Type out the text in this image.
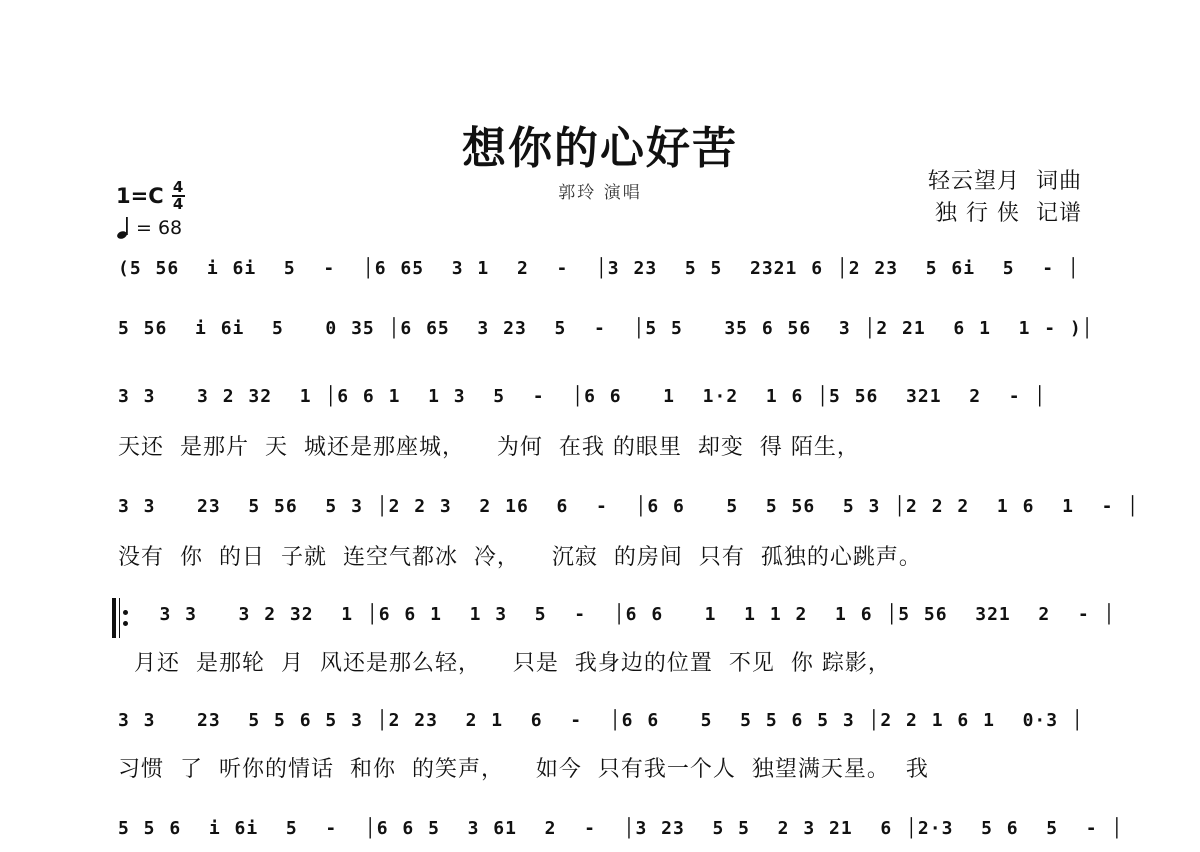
想你的心好苦
郭玲 演唱	轻云望月  词曲
独 行 侠  记谱
1=C 4
4
= 68
(5 56  i 6i  5  -  │6 65  3 1  2  -  │3 23  5 5  2321 6 │2 23  5 6i  5  - │
5 56  i 6i  5   0 35 │6 65  3 23  5  -  │5 5   35 6 56  3 │2 21  6 1  1 - )│
3 3   3 2 32  1 │6 6 1  1 3  5  -  │6 6   1  1·2  1 6 │5 56  321  2  - │
天还  是那片  天  城还是那座城，    为何  在我 的眼里  却变  得 陌生，
3 3   23  5 56  5 3 │2 2 3  2 16  6  -  │6 6   5  5 56  5 3 │2 2 2  1 6  1  - │
没有  你  的日  子就  连空气都冰  冷，    沉寂  的房间  只有  孤独的心跳声。
3 3   3 2 32  1 │6 6 1  1 3  5  -  │6 6   1  1 1 2  1 6 │5 56  321  2  - │
月还  是那轮  月  风还是那么轻，    只是  我身边的位置  不见  你 踪影，
3 3   23  5 5 6 5 3 │2 23  2 1  6  -  │6 6   5  5 5 6 5 3 │2 2 1 6 1  0·3 │
习惯  了  听你的情话  和你  的笑声，    如今  只有我一个人  独望满天星。  我
5 5 6  i 6i  5  -  │6 6 5  3 61  2  -  │3 23  5 5  2 3 21  6 │2·3  5 6  5  - │
